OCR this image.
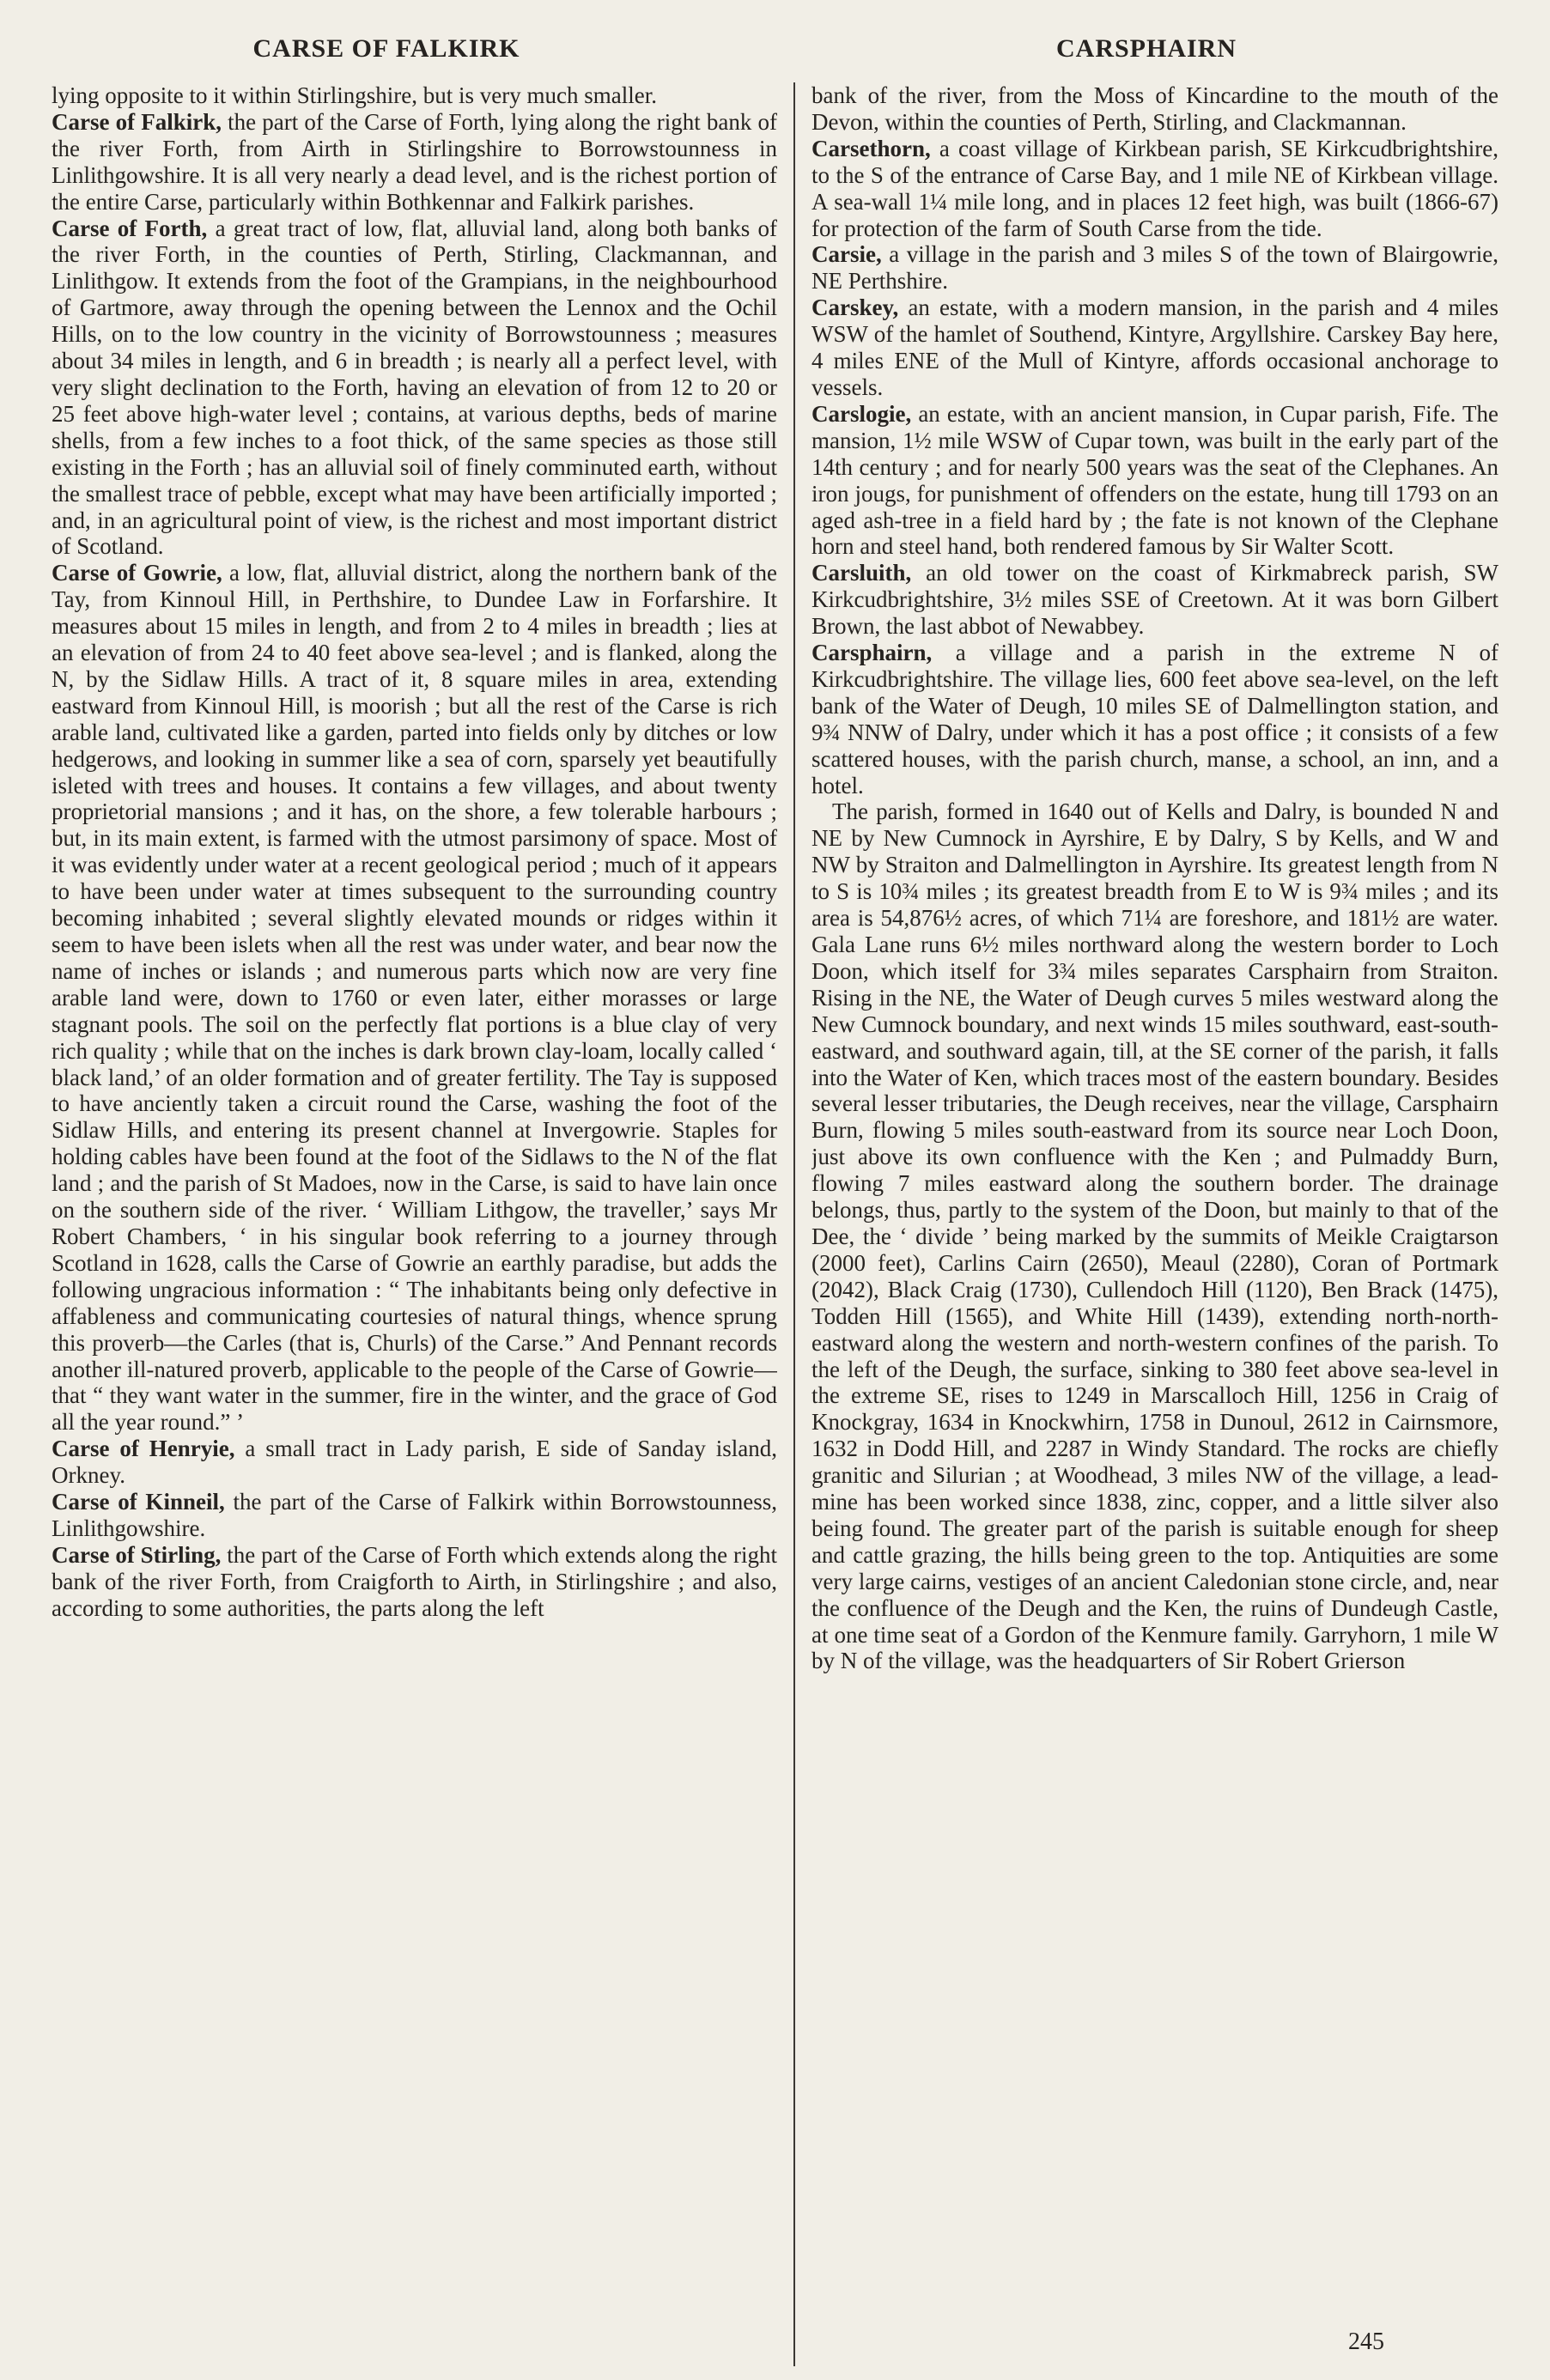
CARSE OF FALKIRK	CARSPHAIRN

lying opposite to it within Stirlingshire, but is very much smaller.

Carse of Falkirk, the part of the Carse of Forth, lying along the right bank of the river Forth, from Airth in Stirlingshire to Borrowstounness in Linlithgowshire. It is all very nearly a dead level, and is the richest portion of the entire Carse, particularly within Bothkennar and Falkirk parishes.

Carse of Forth, a great tract of low, flat, alluvial land, along both banks of the river Forth, in the counties of Perth, Stirling, Clackmannan, and Linlithgow. It extends from the foot of the Grampians, in the neighbourhood of Gartmore, away through the opening between the Lennox and the Ochil Hills, on to the low country in the vicinity of Borrowstounness ; measures about 34 miles in length, and 6 in breadth ; is nearly all a perfect level, with very slight declination to the Forth, having an elevation of from 12 to 20 or 25 feet above high-water level ; contains, at various depths, beds of marine shells, from a few inches to a foot thick, of the same species as those still existing in the Forth ; has an alluvial soil of finely comminuted earth, without the smallest trace of pebble, except what may have been artificially imported ; and, in an agricultural point of view, is the richest and most important district of Scotland.

Carse of Gowrie, a low, flat, alluvial district, along the northern bank of the Tay, from Kinnoul Hill, in Perthshire, to Dundee Law in Forfarshire. It measures about 15 miles in length, and from 2 to 4 miles in breadth ; lies at an elevation of from 24 to 40 feet above sea-level ; and is flanked, along the N, by the Sidlaw Hills. A tract of it, 8 square miles in area, extending eastward from Kinnoul Hill, is moorish ; but all the rest of the Carse is rich arable land, cultivated like a garden, parted into fields only by ditches or low hedgerows, and looking in summer like a sea of corn, sparsely yet beautifully isleted with trees and houses. It contains a few villages, and about twenty proprietorial mansions ; and it has, on the shore, a few tolerable harbours ; but, in its main extent, is farmed with the utmost parsimony of space. Most of it was evidently under water at a recent geological period ; much of it appears to have been under water at times subsequent to the surrounding country becoming inhabited ; several slightly elevated mounds or ridges within it seem to have been islets when all the rest was under water, and bear now the name of inches or islands ; and numerous parts which now are very fine arable land were, down to 1760 or even later, either morasses or large stagnant pools. The soil on the perfectly flat portions is a blue clay of very rich quality ; while that on the inches is dark brown clay-loam, locally called ‘ black land,’ of an older formation and of greater fertility. The Tay is supposed to have anciently taken a circuit round the Carse, washing the foot of the Sidlaw Hills, and entering its present channel at Invergowrie. Staples for holding cables have been found at the foot of the Sidlaws to the N of the flat land ; and the parish of St Madoes, now in the Carse, is said to have lain once on the southern side of the river. ‘ William Lithgow, the traveller,’ says Mr Robert Chambers, ‘ in his singular book referring to a journey through Scotland in 1628, calls the Carse of Gowrie an earthly paradise, but adds the following ungracious information : “ The inhabitants being only defective in affableness and communicating courtesies of natural things, whence sprung this proverb—the Carles (that is, Churls) of the Carse.” And Pennant records another ill-natured proverb, applicable to the people of the Carse of Gowrie—that “ they want water in the summer, fire in the winter, and the grace of God all the year round.” ’

Carse of Henryie, a small tract in Lady parish, E side of Sanday island, Orkney.

Carse of Kinneil, the part of the Carse of Falkirk within Borrowstounness, Linlithgowshire.

Carse of Stirling, the part of the Carse of Forth which extends along the right bank of the river Forth, from Craigforth to Airth, in Stirlingshire ; and also, according to some authorities, the parts along the left

bank of the river, from the Moss of Kincardine to the mouth of the Devon, within the counties of Perth, Stirling, and Clackmannan.

Carsethorn, a coast village of Kirkbean parish, SE Kirkcudbrightshire, to the S of the entrance of Carse Bay, and 1 mile NE of Kirkbean village. A sea-wall 1¼ mile long, and in places 12 feet high, was built (1866-67) for protection of the farm of South Carse from the tide.

Carsie, a village in the parish and 3 miles S of the town of Blairgowrie, NE Perthshire.

Carskey, an estate, with a modern mansion, in the parish and 4 miles WSW of the hamlet of Southend, Kintyre, Argyllshire. Carskey Bay here, 4 miles ENE of the Mull of Kintyre, affords occasional anchorage to vessels.

Carslogie, an estate, with an ancient mansion, in Cupar parish, Fife. The mansion, 1½ mile WSW of Cupar town, was built in the early part of the 14th century ; and for nearly 500 years was the seat of the Clephanes. An iron jougs, for punishment of offenders on the estate, hung till 1793 on an aged ash-tree in a field hard by ; the fate is not known of the Clephane horn and steel hand, both rendered famous by Sir Walter Scott.

Carsluith, an old tower on the coast of Kirkmabreck parish, SW Kirkcudbrightshire, 3½ miles SSE of Creetown. At it was born Gilbert Brown, the last abbot of Newabbey.

Carsphairn, a village and a parish in the extreme N of Kirkcudbrightshire. The village lies, 600 feet above sea-level, on the left bank of the Water of Deugh, 10 miles SE of Dalmellington station, and 9¾ NNW of Dalry, under which it has a post office ; it consists of a few scattered houses, with the parish church, manse, a school, an inn, and a hotel.

The parish, formed in 1640 out of Kells and Dalry, is bounded N and NE by New Cumnock in Ayrshire, E by Dalry, S by Kells, and W and NW by Straiton and Dalmellington in Ayrshire. Its greatest length from N to S is 10¾ miles ; its greatest breadth from E to W is 9¾ miles ; and its area is 54,876½ acres, of which 71¼ are foreshore, and 181½ are water. Gala Lane runs 6½ miles northward along the western border to Loch Doon, which itself for 3¾ miles separates Carsphairn from Straiton. Rising in the NE, the Water of Deugh curves 5 miles westward along the New Cumnock boundary, and next winds 15 miles southward, east-south-eastward, and southward again, till, at the SE corner of the parish, it falls into the Water of Ken, which traces most of the eastern boundary. Besides several lesser tributaries, the Deugh receives, near the village, Carsphairn Burn, flowing 5 miles south-eastward from its source near Loch Doon, just above its own confluence with the Ken ; and Pulmaddy Burn, flowing 7 miles eastward along the southern border. The drainage belongs, thus, partly to the system of the Doon, but mainly to that of the Dee, the ‘ divide ’ being marked by the summits of Meikle Craigtarson (2000 feet), Carlins Cairn (2650), Meaul (2280), Coran of Portmark (2042), Black Craig (1730), Cullendoch Hill (1120), Ben Brack (1475), Todden Hill (1565), and White Hill (1439), extending north-north-eastward along the western and north-western confines of the parish. To the left of the Deugh, the surface, sinking to 380 feet above sea-level in the extreme SE, rises to 1249 in Marscalloch Hill, 1256 in Craig of Knockgray, 1634 in Knockwhirn, 1758 in Dunoul, 2612 in Cairnsmore, 1632 in Dodd Hill, and 2287 in Windy Standard. The rocks are chiefly granitic and Silurian ; at Woodhead, 3 miles NW of the village, a lead-mine has been worked since 1838, zinc, copper, and a little silver also being found. The greater part of the parish is suitable enough for sheep and cattle grazing, the hills being green to the top. Antiquities are some very large cairns, vestiges of an ancient Caledonian stone circle, and, near the confluence of the Deugh and the Ken, the ruins of Dundeugh Castle, at one time seat of a Gordon of the Kenmure family. Garryhorn, 1 mile W by N of the village, was the headquarters of Sir Robert Grierson

245
